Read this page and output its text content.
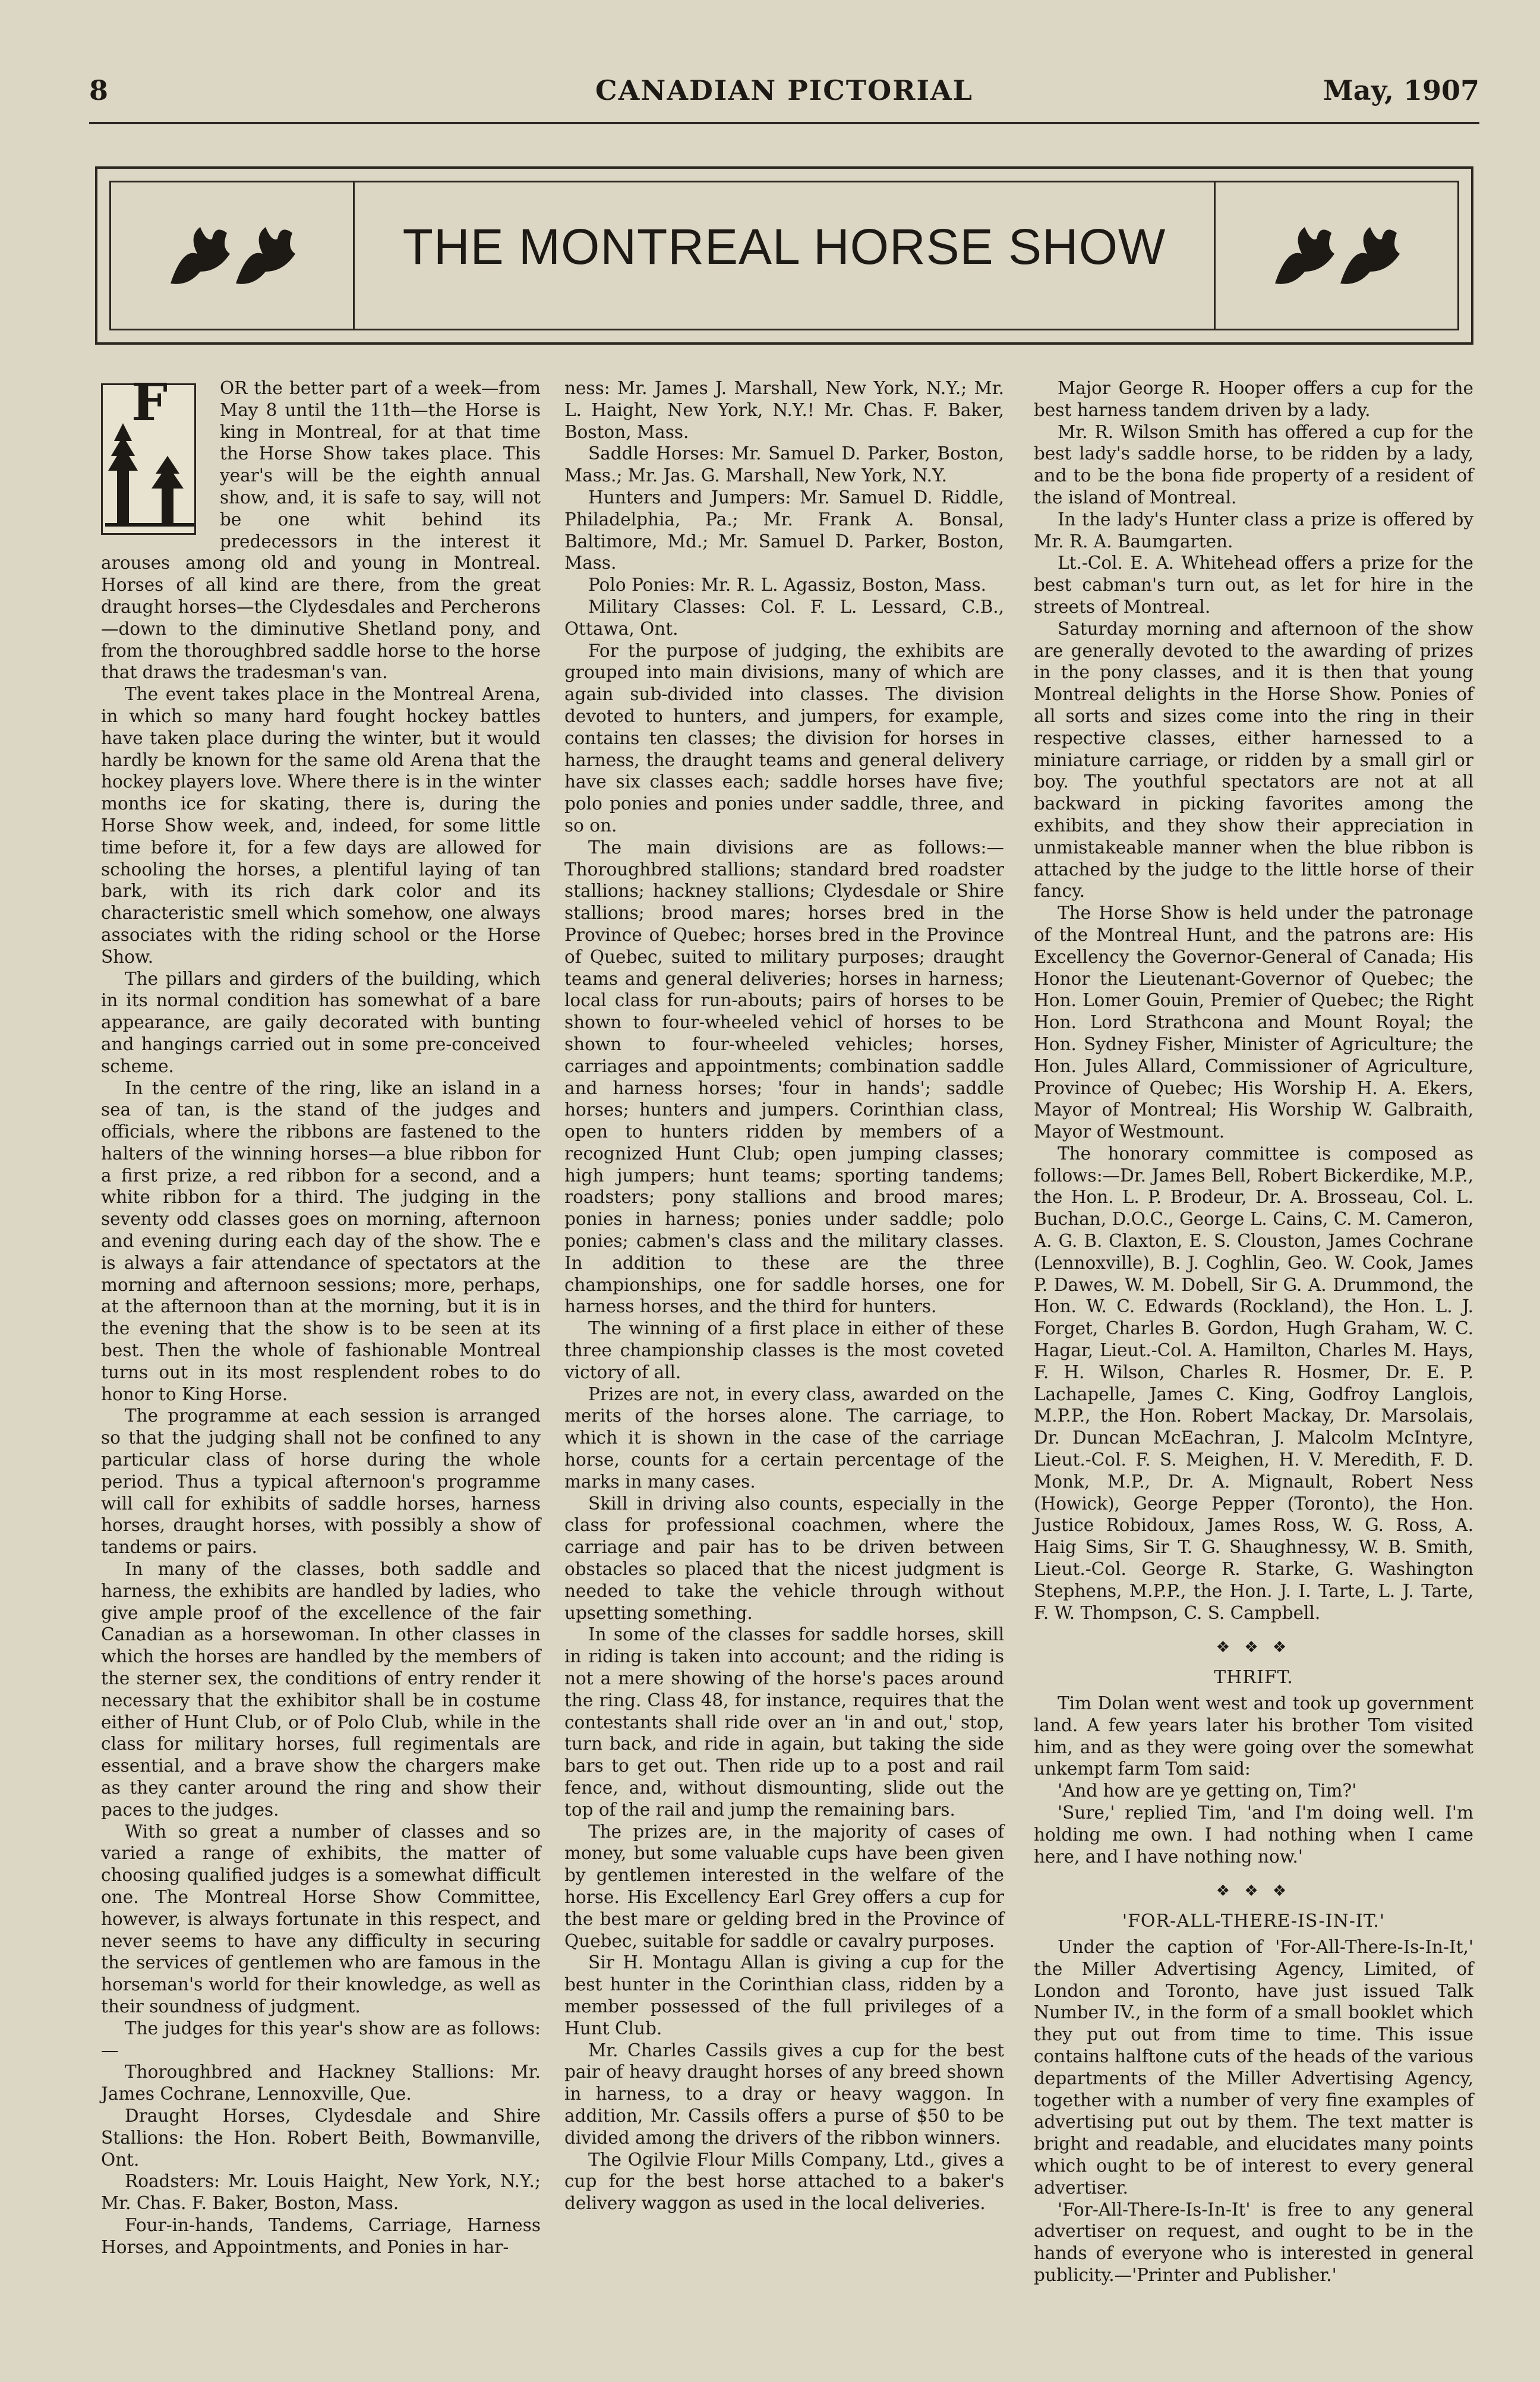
8	CANADIAN PICTORIAL	May, 1907
THE MONTREAL HORSE SHOW
F	OR the better part of a week—from May 8 until the 11th—the Horse is king in Montreal, for at that time the Horse Show takes place. This year's will be the eighth annual show, and, it is safe to say, will not be one whit behind its predecessors in the interest it arouses among old and young in Montreal. Horses of all kind are there, from the great draught horses—the Clydesdales and Percherons—down to the diminutive Shetland pony, and from the thoroughbred saddle horse to the horse that draws the tradesman's van.

The event takes place in the Montreal Arena, in which so many hard fought hockey battles have taken place during the winter, but it would hardly be known for the same old Arena that the hockey players love. Where there is in the winter months ice for skating, there is, during the Horse Show week, and, indeed, for some little time before it, for a few days are allowed for schooling the horses, a plentiful laying of tan bark, with its rich dark color and its characteristic smell which somehow, one always associates with the riding school or the Horse Show.

The pillars and girders of the building, which in its normal condition has somewhat of a bare appearance, are gaily decorated with bunting and hangings carried out in some pre-conceived scheme.

In the centre of the ring, like an island in a sea of tan, is the stand of the judges and officials, where the ribbons are fastened to the halters of the winning horses—a blue ribbon for a first prize, a red ribbon for a second, and a white ribbon for a third. The judging in the seventy odd classes goes on morning, afternoon and evening during each day of the show. The e is always a fair attendance of spectators at the morning and afternoon sessions; more, perhaps, at the afternoon than at the morning, but it is in the evening that the show is to be seen at its best. Then the whole of fashionable Montreal turns out in its most resplendent robes to do honor to King Horse.

The programme at each session is arranged so that the judging shall not be confined to any particular class of horse during the whole period. Thus a typical afternoon's programme will call for exhibits of saddle horses, harness horses, draught horses, with possibly a show of tandems or pairs.

In many of the classes, both saddle and harness, the exhibits are handled by ladies, who give ample proof of the excellence of the fair Canadian as a horsewoman. In other classes in which the horses are handled by the members of the sterner sex, the conditions of entry render it necessary that the exhibitor shall be in costume either of Hunt Club, or of Polo Club, while in the class for military horses, full regimentals are essential, and a brave show the chargers make as they canter around the ring and show their paces to the judges.

With so great a number of classes and so varied a range of exhibits, the matter of choosing qualified judges is a somewhat difficult one. The Montreal Horse Show Committee, however, is always fortunate in this respect, and never seems to have any difficulty in securing the services of gentlemen who are famous in the horseman's world for their knowledge, as well as their soundness of judgment.

The judges for this year's show are as follows:—

Thoroughbred and Hackney Stallions: Mr. James Cochrane, Lennoxville, Que.

Draught Horses, Clydesdale and Shire Stallions: the Hon. Robert Beith, Bowmanville, Ont.

Roadsters: Mr. Louis Haight, New York, N.Y.; Mr. Chas. F. Baker, Boston, Mass.

Four-in-hands, Tandems, Carriage, Harness Horses, and Appointments, and Ponies in har-

ness: Mr. James J. Marshall, New York, N.Y.; Mr. L. Haight, New York, N.Y.! Mr. Chas. F. Baker, Boston, Mass.

Saddle Horses: Mr. Samuel D. Parker, Boston, Mass.; Mr. Jas. G. Marshall, New York, N.Y.

Hunters and Jumpers: Mr. Samuel D. Riddle, Philadelphia, Pa.; Mr. Frank A. Bonsal, Baltimore, Md.; Mr. Samuel D. Parker, Boston, Mass.

Polo Ponies: Mr. R. L. Agassiz, Boston, Mass.

Military Classes: Col. F. L. Lessard, C.B., Ottawa, Ont.

For the purpose of judging, the exhibits are grouped into main divisions, many of which are again sub-divided into classes. The division devoted to hunters, and jumpers, for example, contains ten classes; the division for horses in harness, the draught teams and general delivery have six classes each; saddle horses have five; polo ponies and ponies under saddle, three, and so on.

The main divisions are as follows:—Thoroughbred stallions; standard bred roadster stallions; hackney stallions; Clydesdale or Shire stallions; brood mares; horses bred in the Province of Quebec; horses bred in the Province of Quebec, suited to military purposes; draught teams and general deliveries; horses in harness; local class for run-abouts; pairs of horses to be shown to four-wheeled vehicl of horses to be shown to four-wheeled vehicles; horses, carriages and appointments; combination saddle and harness horses; 'four in hands'; saddle horses; hunters and jumpers. Corinthian class, open to hunters ridden by members of a recognized Hunt Club; open jumping classes; high jumpers; hunt teams; sporting tandems; roadsters; pony stallions and brood mares; ponies in harness; ponies under saddle; polo ponies; cabmen's class and the military classes. In addition to these are the three championships, one for saddle horses, one for harness horses, and the third for hunters.

The winning of a first place in either of these three championship classes is the most coveted victory of all.

Prizes are not, in every class, awarded on the merits of the horses alone. The carriage, to which it is shown in the case of the carriage horse, counts for a certain percentage of the marks in many cases.

Skill in driving also counts, especially in the class for professional coachmen, where the carriage and pair has to be driven between obstacles so placed that the nicest judgment is needed to take the vehicle through without upsetting something.

In some of the classes for saddle horses, skill in riding is taken into account; and the riding is not a mere showing of the horse's paces around the ring. Class 48, for instance, requires that the contestants shall ride over an 'in and out,' stop, turn back, and ride in again, but taking the side bars to get out. Then ride up to a post and rail fence, and, without dismounting, slide out the top of the rail and jump the remaining bars.

The prizes are, in the majority of cases of money, but some valuable cups have been given by gentlemen interested in the welfare of the horse. His Excellency Earl Grey offers a cup for the best mare or gelding bred in the Province of Quebec, suitable for saddle or cavalry purposes.

Sir H. Montagu Allan is giving a cup for the best hunter in the Corinthian class, ridden by a member possessed of the full privileges of a Hunt Club.

Mr. Charles Cassils gives a cup for the best pair of heavy draught horses of any breed shown in harness, to a dray or heavy waggon. In addition, Mr. Cassils offers a purse of $50 to be divided among the drivers of the ribbon winners.

The Ogilvie Flour Mills Company, Ltd., gives a cup for the best horse attached to a baker's delivery waggon as used in the local deliveries.

Major George R. Hooper offers a cup for the best harness tandem driven by a lady.

Mr. R. Wilson Smith has offered a cup for the best lady's saddle horse, to be ridden by a lady, and to be the bona fide property of a resident of the island of Montreal.

In the lady's Hunter class a prize is offered by Mr. R. A. Baumgarten.

Lt.-Col. E. A. Whitehead offers a prize for the best cabman's turn out, as let for hire in the streets of Montreal.

Saturday morning and afternoon of the show are generally devoted to the awarding of prizes in the pony classes, and it is then that young Montreal delights in the Horse Show. Ponies of all sorts and sizes come into the ring in their respective classes, either harnessed to a miniature carriage, or ridden by a small girl or boy. The youthful spectators are not at all backward in picking favorites among the exhibits, and they show their appreciation in unmistakeable manner when the blue ribbon is attached by the judge to the little horse of their fancy.

The Horse Show is held under the patronage of the Montreal Hunt, and the patrons are: His Excellency the Governor-General of Canada; His Honor the Lieutenant-Governor of Quebec; the Hon. Lomer Gouin, Premier of Quebec; the Right Hon. Lord Strathcona and Mount Royal; the Hon. Sydney Fisher, Minister of Agriculture; the Hon. Jules Allard, Commissioner of Agriculture, Province of Quebec; His Worship H. A. Ekers, Mayor of Montreal; His Worship W. Galbraith, Mayor of Westmount.

The honorary committee is composed as follows:—Dr. James Bell, Robert Bickerdike, M.P., the Hon. L. P. Brodeur, Dr. A. Brosseau, Col. L. Buchan, D.O.C., George L. Cains, C. M. Cameron, A. G. B. Claxton, E. S. Clouston, James Cochrane (Lennoxville), B. J. Coghlin, Geo. W. Cook, James P. Dawes, W. M. Dobell, Sir G. A. Drummond, the Hon. W. C. Edwards (Rockland), the Hon. L. J. Forget, Charles B. Gordon, Hugh Graham, W. C. Hagar, Lieut.-Col. A. Hamilton, Charles M. Hays, F. H. Wilson, Charles R. Hosmer, Dr. E. P. Lachapelle, James C. King, Godfroy Langlois, M.P.P., the Hon. Robert Mackay, Dr. Marsolais, Dr. Duncan McEachran, J. Malcolm McIntyre, Lieut.-Col. F. S. Meighen, H. V. Meredith, F. D. Monk, M.P., Dr. A. Mignault, Robert Ness (Howick), George Pepper (Toronto), the Hon. Justice Robidoux, James Ross, W. G. Ross, A. Haig Sims, Sir T. G. Shaughnessy, W. B. Smith, Lieut.-Col. George R. Starke, G. Washington Stephens, M.P.P., the Hon. J. I. Tarte, L. J. Tarte, F. W. Thompson, C. S. Campbell.

❖ ❖ ❖
THRIFT.

Tim Dolan went west and took up government land. A few years later his brother Tom visited him, and as they were going over the somewhat unkempt farm Tom said:

'And how are ye getting on, Tim?'

'Sure,' replied Tim, 'and I'm doing well. I'm holding me own. I had nothing when I came here, and I have nothing now.'

❖ ❖ ❖
'FOR-ALL-THERE-IS-IN-IT.'

Under the caption of 'For-All-There-Is-In-It,' the Miller Advertising Agency, Limited, of London and Toronto, have just issued Talk Number IV., in the form of a small booklet which they put out from time to time. This issue contains halftone cuts of the heads of the various departments of the Miller Advertising Agency, together with a number of very fine examples of advertising put out by them. The text matter is bright and readable, and elucidates many points which ought to be of interest to every general advertiser.

'For-All-There-Is-In-It' is free to any general advertiser on request, and ought to be in the hands of everyone who is interested in general publicity.—'Printer and Publisher.'
